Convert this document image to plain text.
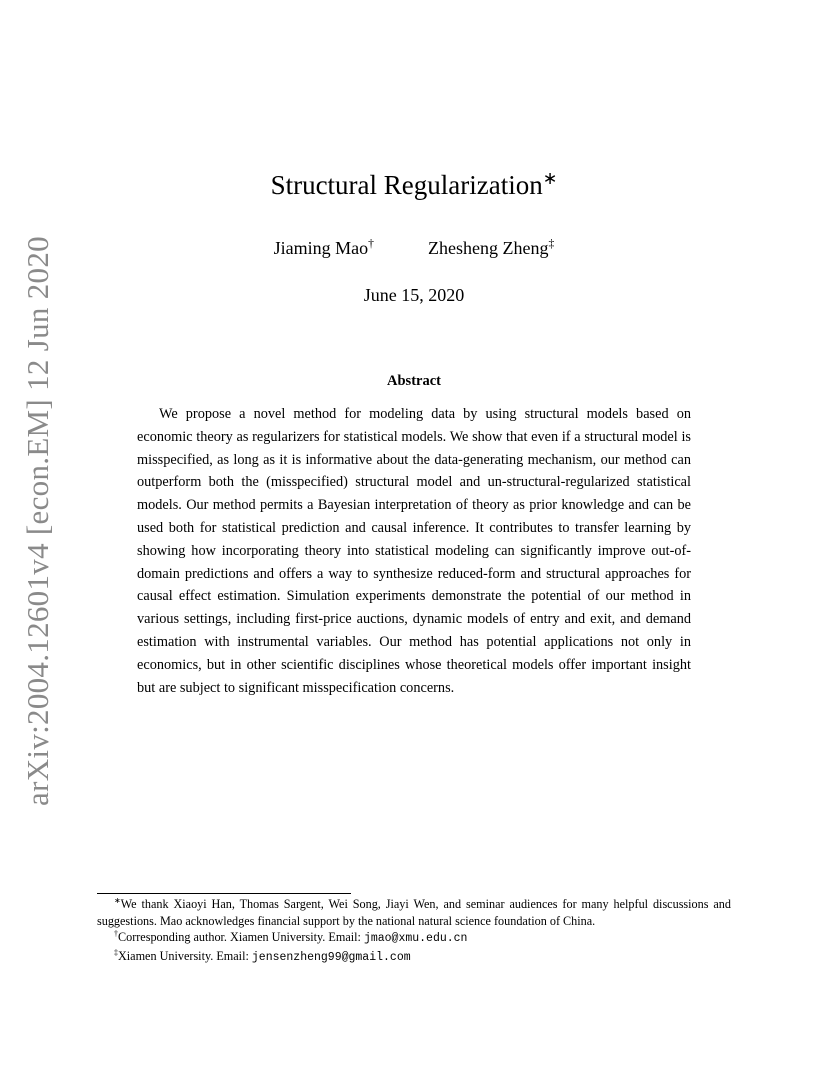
arXiv:2004.12601v4 [econ.EM] 12 Jun 2020
Structural Regularization∗
Jiaming Mao†	Zhesheng Zheng‡
June 15, 2020
Abstract
We propose a novel method for modeling data by using structural models based on economic theory as regularizers for statistical models. We show that even if a structural model is misspecified, as long as it is informative about the data-generating mechanism, our method can outperform both the (misspecified) structural model and un-structural-regularized statistical models. Our method permits a Bayesian interpretation of theory as prior knowledge and can be used both for statistical prediction and causal inference. It contributes to transfer learning by showing how incorporating theory into statistical modeling can significantly improve out-of-domain predictions and offers a way to synthesize reduced-form and structural approaches for causal effect estimation. Simulation experiments demonstrate the potential of our method in various settings, including first-price auctions, dynamic models of entry and exit, and demand estimation with instrumental variables. Our method has potential applications not only in economics, but in other scientific disciplines whose theoretical models offer important insight but are subject to significant misspecification concerns.

∗We thank Xiaoyi Han, Thomas Sargent, Wei Song, Jiayi Wen, and seminar audiences for many helpful discussions and suggestions. Mao acknowledges financial support by the national natural science foundation of China.

†Corresponding author. Xiamen University. Email: jmao@xmu.edu.cn

‡Xiamen University. Email: jensenzheng99@gmail.com
